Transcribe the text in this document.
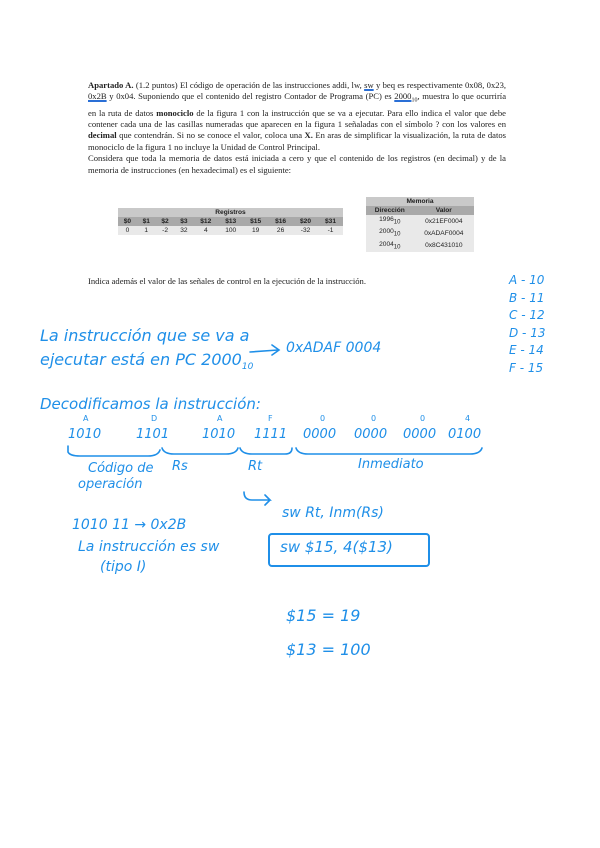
Apartado A. (1.2 puntos) El código de operación de las instrucciones addi, lw, sw y beq es respectivamente 0x08, 0x23, 0x2B y 0x04. Suponiendo que el contenido del registro Contador de Programa (PC) es $2000_{10}$, muestra lo que ocurriría en la ruta de datos monociclo de la figura 1 con la instrucción que se va a ejecutar. Para ello indica el valor que debe contener cada una de las casillas numeradas que aparecen en la figura 1 señaladas con el símbolo ? con los valores en decimal que contendrán. Si no se conoce el valor, coloca una X. En aras de simplificar la visualización, la ruta de datos monociclo de la figura 1 no incluye la Unidad de Control Principal.

Considera que toda la memoria de datos está iniciada a cero y que el contenido de los registros (en decimal) y de la memoria de instrucciones (en hexadecimal) es el siguiente:

Registros									
$0	$1	$2	$3	$12	$13	$15	$16	$20	$31
0	1	-2	32	4	100	19	26	-32	-1
Memoria	
Dirección	Valor
$1996_{10}$	0x21EF0004
$2000_{10}$	0xADAF0004
$2004_{10}$	0x8C431010
Indica además el valor de las señales de control en la ejecución de la instrucción.	A - 10
B - 11
C - 12
D - 13
E - 14
F - 15
La instrucción que se va a
ejecutar está en PC $2000_{10}$
0xADAF 0004
Decodificamos la instrucción:
A	D	A	F	0	0	0	4
1010	1101	1010 1111 0000 0000 0000 0100
Código de
operación
Rs	Rt	Inmediato
1010 11 → 0x2B
La instrucción es sw
(tipo I)
sw Rt, Inm(Rs)
sw $15, 4($13)
$15 = 19
$13 = 100
